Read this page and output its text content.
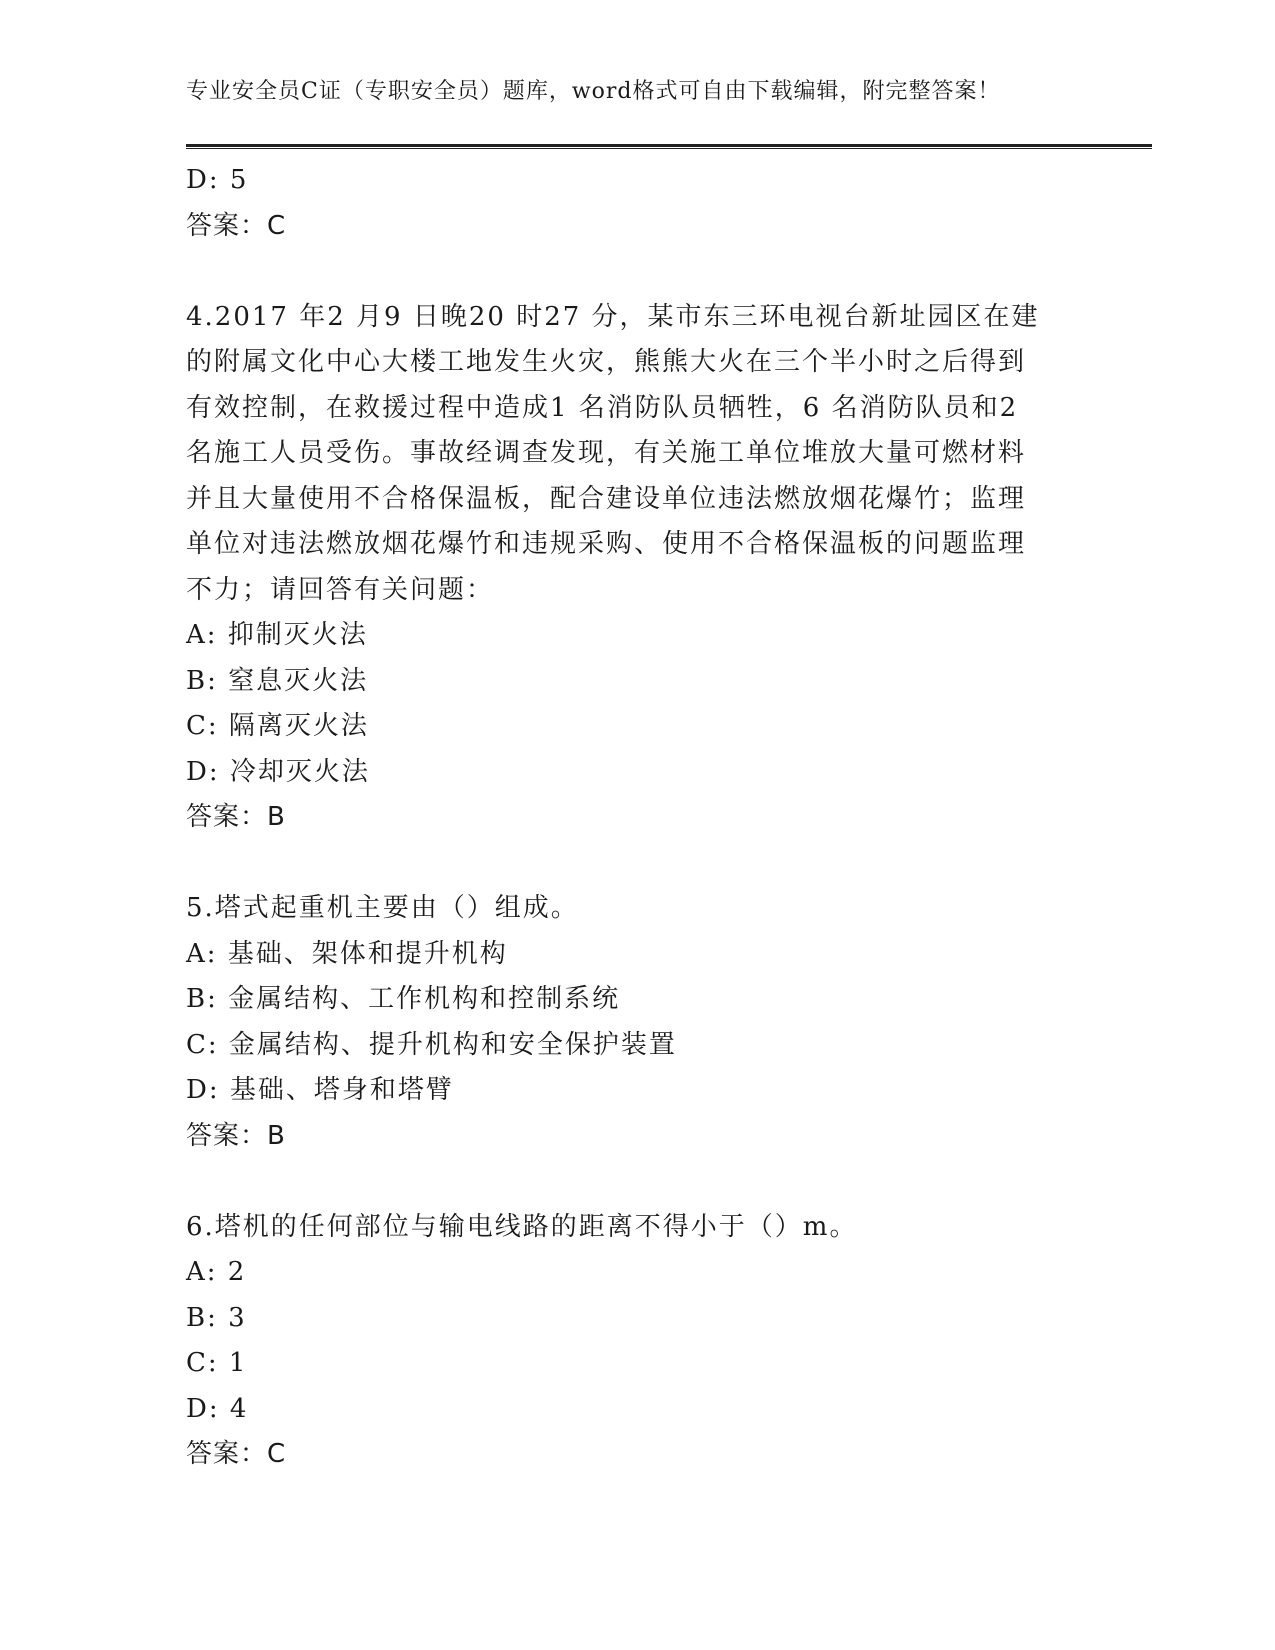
专业安全员C证（专职安全员）题库，word格式可自由下载编辑，附完整答案！

D: 5

答案：C

4.2017 年2 月9 日晚20 时27 分，某市东三环电视台新址园区在建

的附属文化中心大楼工地发生火灾，熊熊大火在三个半小时之后得到

有效控制，在救援过程中造成1 名消防队员牺牲，6 名消防队员和2

名施工人员受伤。事故经调查发现，有关施工单位堆放大量可燃材料

并且大量使用不合格保温板，配合建设单位违法燃放烟花爆竹；监理

单位对违法燃放烟花爆竹和违规采购、使用不合格保温板的问题监理

不力；请回答有关问题：

A: 抑制灭火法

B: 窒息灭火法

C: 隔离灭火法

D: 冷却灭火法

答案：B

5.塔式起重机主要由（）组成。

A: 基础、架体和提升机构

B: 金属结构、工作机构和控制系统

C: 金属结构、提升机构和安全保护装置

D: 基础、塔身和塔臂

答案：B

6.塔机的任何部位与输电线路的距离不得小于（）m。

A: 2

B: 3

C: 1

D: 4

答案：C
